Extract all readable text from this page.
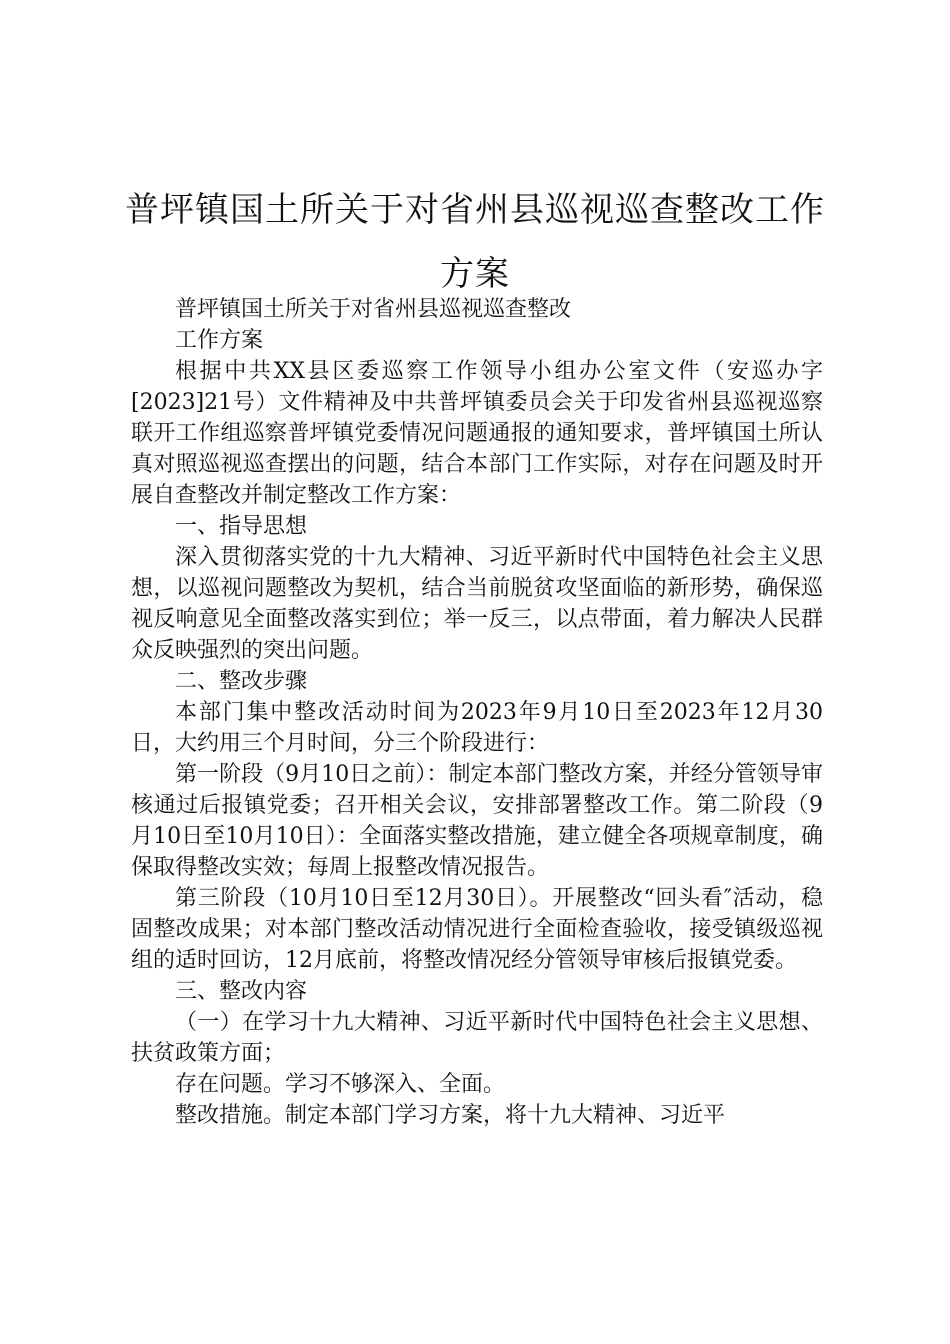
普坪镇国土所关于对省州县巡视巡查整改工作方案

普坪镇国土所关于对省州县巡视巡查整改

工作方案

根据中共XX县区委巡察工作领导小组办公室文件（安巡办字[2023]21号）文件精神及中共普坪镇委员会关于印发省州县巡视巡察联开工作组巡察普坪镇党委情况问题通报的通知要求，普坪镇国土所认真对照巡视巡查摆出的问题，结合本部门工作实际，对存在问题及时开展自查整改并制定整改工作方案：

一、指导思想

深入贯彻落实党的十九大精神、习近平新时代中国特色社会主义思想，以巡视问题整改为契机，结合当前脱贫攻坚面临的新形势，确保巡视反响意见全面整改落实到位；举一反三，以点带面，着力解决人民群众反映强烈的突出问题。

二、整改步骤

本部门集中整改活动时间为2023年9月10日至2023年12月30日，大约用三个月时间，分三个阶段进行：

第一阶段（9月10日之前）：制定本部门整改方案，并经分管领导审核通过后报镇党委；召开相关会议，安排部署整改工作。第二阶段（9月10日至10月10日）：全面落实整改措施，建立健全各项规章制度，确保取得整改实效；每周上报整改情况报告。

第三阶段（10月10日至12月30日）。开展整改“回头看″活动，稳固整改成果；对本部门整改活动情况进行全面检查验收，接受镇级巡视组的适时回访，12月底前，将整改情况经分管领导审核后报镇党委。

三、整改内容

（一）在学习十九大精神、习近平新时代中国特色社会主义思想、扶贫政策方面；

存在问题。学习不够深入、全面。

整改措施。制定本部门学习方案，将十九大精神、习近平
